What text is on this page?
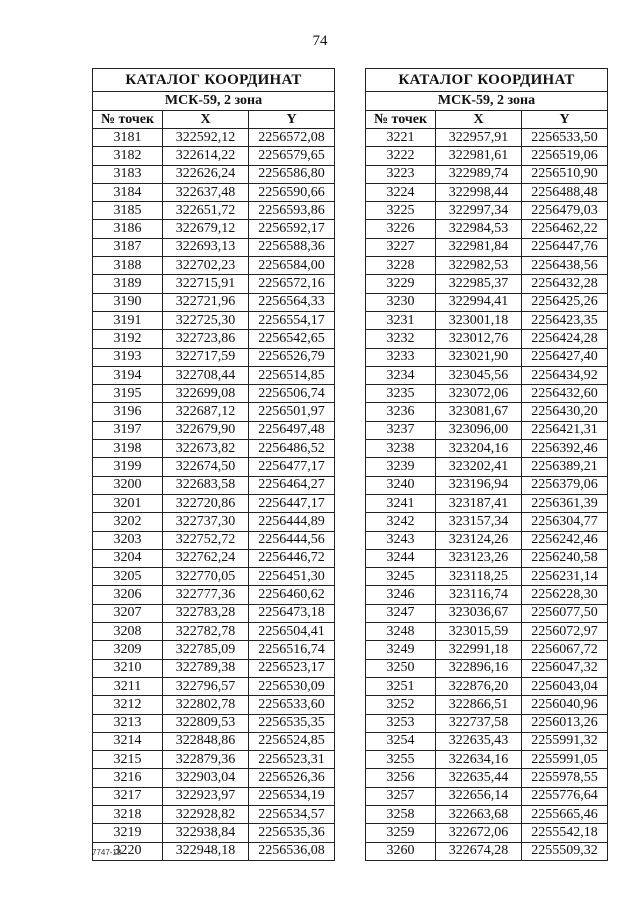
74
КАТАЛОГ КООРДИНАТ		
МСК-59, 2 зона		
№ точек	X	Y
3181	322592,12	2256572,08
3182	322614,22	2256579,65
3183	322626,24	2256586,80
3184	322637,48	2256590,66
3185	322651,72	2256593,86
3186	322679,12	2256592,17
3187	322693,13	2256588,36
3188	322702,23	2256584,00
3189	322715,91	2256572,16
3190	322721,96	2256564,33
3191	322725,30	2256554,17
3192	322723,86	2256542,65
3193	322717,59	2256526,79
3194	322708,44	2256514,85
3195	322699,08	2256506,74
3196	322687,12	2256501,97
3197	322679,90	2256497,48
3198	322673,82	2256486,52
3199	322674,50	2256477,17
3200	322683,58	2256464,27
3201	322720,86	2256447,17
3202	322737,30	2256444,89
3203	322752,72	2256444,56
3204	322762,24	2256446,72
3205	322770,05	2256451,30
3206	322777,36	2256460,62
3207	322783,28	2256473,18
3208	322782,78	2256504,41
3209	322785,09	2256516,74
3210	322789,38	2256523,17
3211	322796,57	2256530,09
3212	322802,78	2256533,60
3213	322809,53	2256535,35
3214	322848,86	2256524,85
3215	322879,36	2256523,31
3216	322903,04	2256526,36
3217	322923,97	2256534,19
3218	322928,82	2256534,57
3219	322938,84	2256535,36
3220	322948,18	2256536,08
КАТАЛОГ КООРДИНАТ		
МСК-59, 2 зона		
№ точек	X	Y
3221	322957,91	2256533,50
3222	322981,61	2256519,06
3223	322989,74	2256510,90
3224	322998,44	2256488,48
3225	322997,34	2256479,03
3226	322984,53	2256462,22
3227	322981,84	2256447,76
3228	322982,53	2256438,56
3229	322985,37	2256432,28
3230	322994,41	2256425,26
3231	323001,18	2256423,35
3232	323012,76	2256424,28
3233	323021,90	2256427,40
3234	323045,56	2256434,92
3235	323072,06	2256432,60
3236	323081,67	2256430,20
3237	323096,00	2256421,31
3238	323204,16	2256392,46
3239	323202,41	2256389,21
3240	323196,94	2256379,06
3241	323187,41	2256361,39
3242	323157,34	2256304,77
3243	323124,26	2256242,46
3244	323123,26	2256240,58
3245	323118,25	2256231,14
3246	323116,74	2256228,30
3247	323036,67	2256077,50
3248	323015,59	2256072,97
3249	322991,18	2256067,72
3250	322896,16	2256047,32
3251	322876,20	2256043,04
3252	322866,51	2256040,96
3253	322737,58	2256013,26
3254	322635,43	2255991,32
3255	322634,16	2255991,05
3256	322635,44	2255978,55
3257	322656,14	2255776,64
3258	322663,68	2255665,46
3259	322672,06	2255542,18
3260	322674,28	2255509,32
7747-18
